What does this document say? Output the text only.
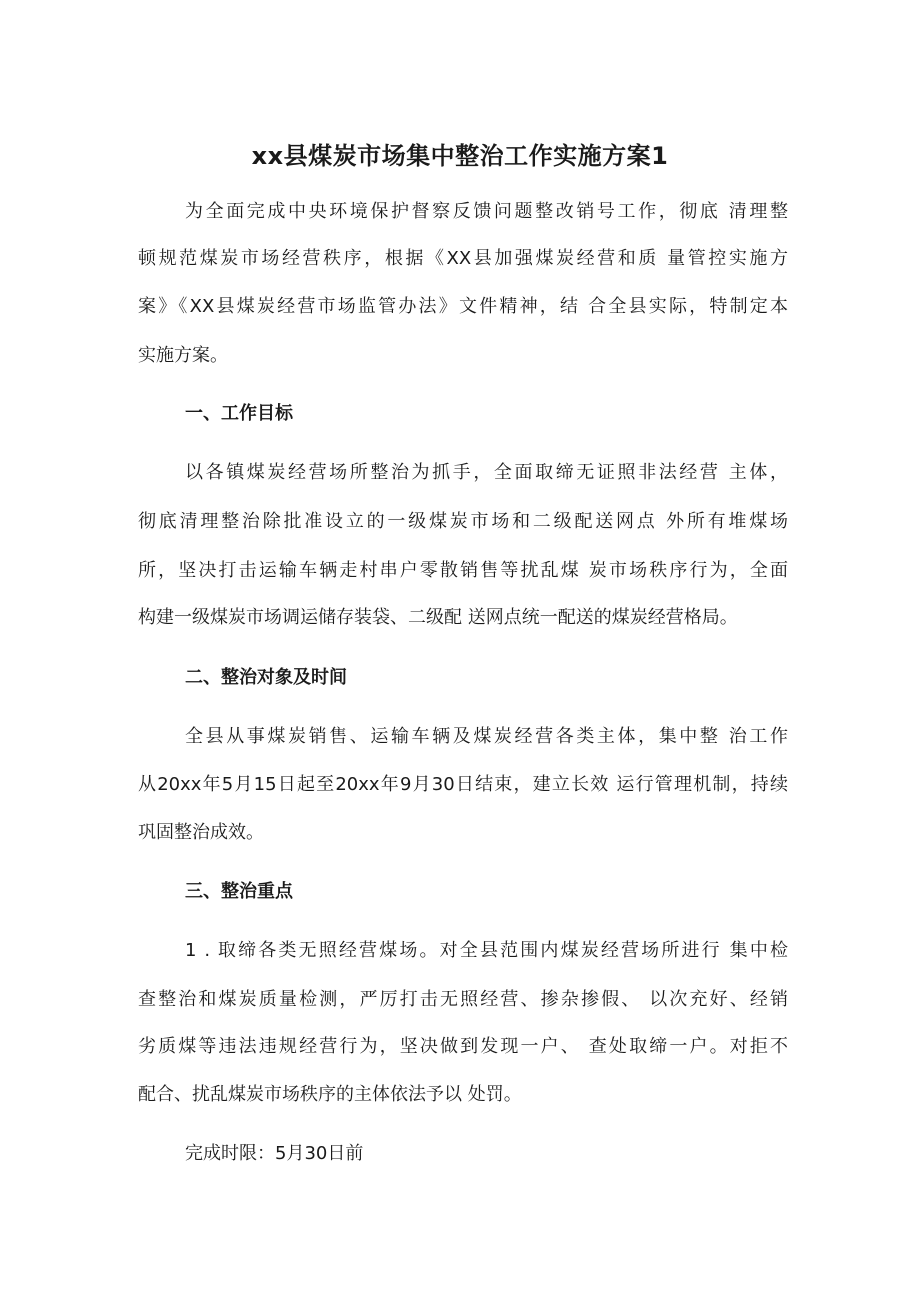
xx县煤炭市场集中整治工作实施方案1

为全面完成中央环境保护督察反馈问题整改销号工作，彻底 清理整

顿规范煤炭市场经营秩序，根据《XX县加强煤炭经营和质 量管控实施方

案》《XX县煤炭经营市场监管办法》文件精神，结 合全县实际，特制定本

实施方案。

一、工作目标

以各镇煤炭经营场所整治为抓手，全面取缔无证照非法经营 主体，

彻底清理整治除批准设立的一级煤炭市场和二级配送网点 外所有堆煤场

所，坚决打击运输车辆走村串户零散销售等扰乱煤 炭市场秩序行为，全面

构建一级煤炭市场调运储存装袋、二级配 送网点统一配送的煤炭经营格局。

二、整治对象及时间

全县从事煤炭销售、运输车辆及煤炭经营各类主体，集中整 治工作

从20xx年5月15日起至20xx年9月30日结束，建立长效 运行管理机制，持续

巩固整治成效。

三、整治重点

1 . 取缔各类无照经营煤场。对全县范围内煤炭经营场所进行 集中检

查整治和煤炭质量检测，严厉打击无照经营、掺杂掺假、 以次充好、经销

劣质煤等违法违规经营行为，坚决做到发现一户、 查处取缔一户。对拒不

配合、扰乱煤炭市场秩序的主体依法予以 处罚。

完成时限：5月30日前
